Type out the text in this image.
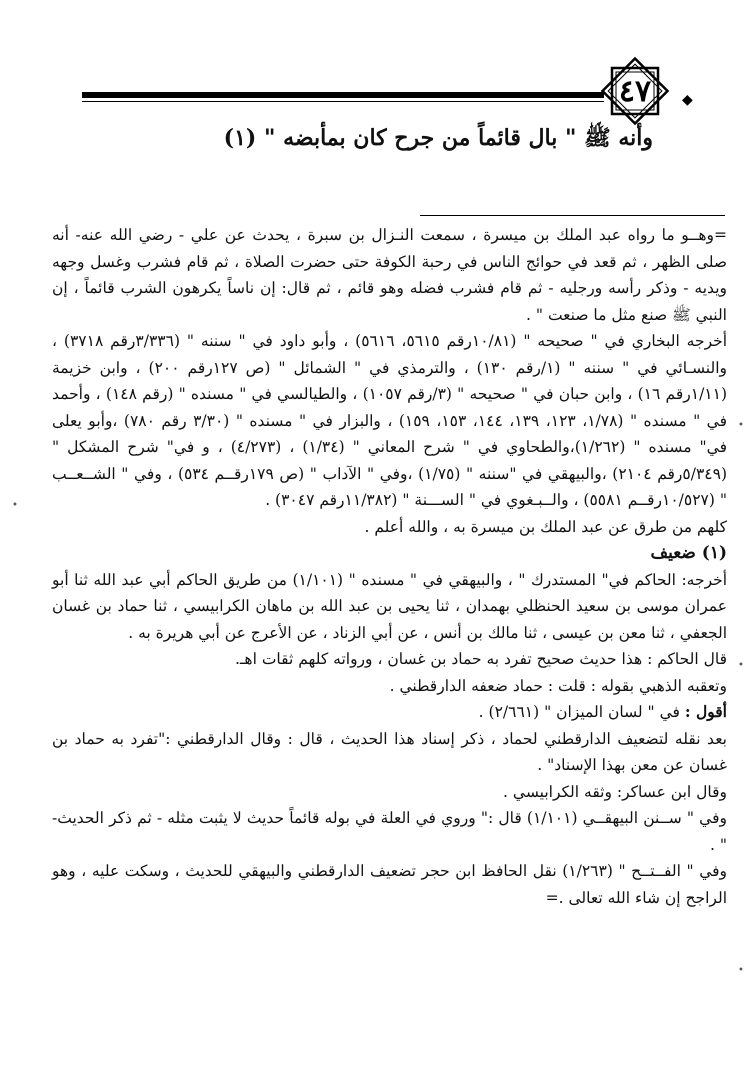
٤٧	◆
وأنه ﷺ " بال قائماً من جرح كان بمأبضه " (١)

=وهــو ما رواه عبد الملك بن ميسرة ، سمعت النـزال بن سبرة ، يحدث عن علي - رضي الله عنه- أنه صلى الظهر ، ثم قعد في حوائج الناس في رحبة الكوفة حتى حضرت الصلاة ، ثم قام فشرب وغسل وجهه ويديه - وذكر رأسه ورجليه - ثم قام فشرب فضله وهو قائم ، ثم قال: إن ناساً يكرهون الشرب قائماً ، إن النبي ﷺ صنع مثل ما صنعت " .

أخرجه البخاري في " صحيحه " (١٠/٨١رقم ٥٦١٥، ٥٦١٦) ، وأبو داود في " سننه " (٣/٣٣٦رقم ٣٧١٨) ، والنسـائي في " سننه " (١/رقم ١٣٠) ، والترمذي في " الشمائل " (ص ١٢٧رقم ٢٠٠) ، وابن خزيمة (١/١١رقم ١٦) ، وابن حبان في " صحيحه " (٣/رقم ١٠٥٧) ، والطيالسي في " مسنده " (رقم ١٤٨) ، وأحمد في " مسنده " (١/٧٨، ١٢٣، ١٣٩، ١٤٤، ١٥٣، ١٥٩) ، والبزار في " مسنده " (٣/٣٠ رقم ٧٨٠) ،وأبو يعلى في" مسنده " (١/٢٦٢)،والطحاوي في " شرح المعاني " (١/٣٤) ، (٤/٢٧٣) ، و في" شرح المشكل " (٥/٣٤٩رقم ٢١٠٤) ،والبيهقي في "سننه " (١/٧٥) ،وفي " الآداب " (ص ١٧٩رقــم ٥٣٤) ، وفي " الشــعــب " (١٠/٥٢٧رقــم ٥٥٨١) ، والــبـغوي في " الســـنة " (١١/٣٨٢رقم ٣٠٤٧) .

كلهم من طرق عن عبد الملك بن ميسرة به ، والله أعلم .

(١) ضعيف

أخرجه: الحاكم في" المستدرك " ، والبيهقي في " مسنده " (١/١٠١) من طريق الحاكم أبي عبد الله ثنا أبو عمران موسى بن سعيد الحنظلي بهمدان ، ثنا يحيى بن عبد الله بن ماهان الكرابيسي ، ثنا حماد بن غسان الجعفي ، ثنا معن بن عيسى ، ثنا مالك بن أنس ، عن أبي الزناد ، عن الأعرج عن أبي هريرة به .

قال الحاكم : هذا حديث صحيح تفرد به حماد بن غسان ، ورواته كلهم ثقات اهـ.

وتعقبه الذهبي بقوله : قلت : حماد ضعفه الدارقطني .

أقول : في " لسان الميزان " (٢/٦٦١) .

بعد نقله لتضعيف الدارقطني لحماد ، ذكر إسناد هذا الحديث ، قال : وقال الدارقطني :"تفرد به حماد بن غسان عن معن بهذا الإسناد" .

وقال ابن عساكر: وثقه الكرابيسي .

وفي " ســنن البيهقــي (١/١٠١) قال :" وروي في العلة في بوله قائماً حديث لا يثبت مثله - ثم ذكر الحديث-" .

وفي " الفــتــح " (١/٢٦٣) نقل الحافظ ابن حجر تضعيف الدارقطني والبيهقي للحديث ، وسكت عليه ، وهو الراجح إن شاء الله تعالى .=

•
•
•
•
